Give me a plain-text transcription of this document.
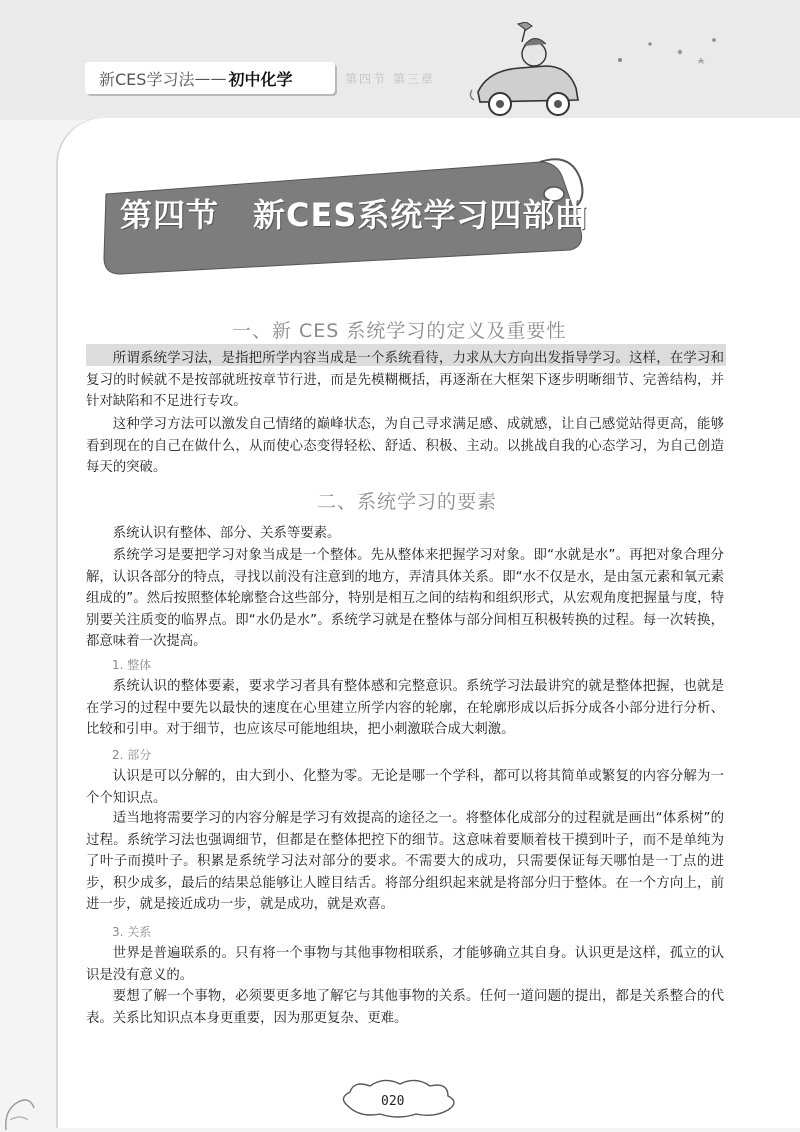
新CES学习法 —— 初中化学	第四节 第三章
第四节 新CES系统学习四部曲
一、新 CES 系统学习的定义及重要性

所谓系统学习法，是指把所学内容当成是一个系统看待，力求从大方向出发指导学习。这样，在学习和复习的时候就不是按部就班按章节行进，而是先模糊概括，再逐渐在大框架下逐步明晰细节、完善结构，并针对缺陷和不足进行专攻。

这种学习方法可以激发自己情绪的巅峰状态，为自己寻求满足感、成就感，让自己感觉站得更高，能够看到现在的自己在做什么，从而使心态变得轻松、舒适、积极、主动。以挑战自我的心态学习，为自己创造每天的突破。

二、系统学习的要素

系统认识有整体、部分、关系等要素。

系统学习是要把学习对象当成是一个整体。先从整体来把握学习对象。即“水就是水”。再把对象合理分解，认识各部分的特点，寻找以前没有注意到的地方，弄清具体关系。即“水不仅是水，是由氢元素和氧元素组成的”。然后按照整体轮廓整合这些部分，特别是相互之间的结构和组织形式，从宏观角度把握量与度，特别要关注质变的临界点。即“水仍是水”。系统学习就是在整体与部分间相互积极转换的过程。每一次转换，都意味着一次提高。

1. 整体

系统认识的整体要素，要求学习者具有整体感和完整意识。系统学习法最讲究的就是整体把握，也就是在学习的过程中要先以最快的速度在心里建立所学内容的轮廓，在轮廓形成以后拆分成各小部分进行分析、比较和引申。对于细节，也应该尽可能地组块，把小刺激联合成大刺激。

2. 部分

认识是可以分解的，由大到小、化整为零。无论是哪一个学科，都可以将其简单或繁复的内容分解为一个个知识点。

适当地将需要学习的内容分解是学习有效提高的途径之一。将整体化成部分的过程就是画出“体系树”的过程。系统学习法也强调细节，但都是在整体把控下的细节。这意味着要顺着枝干摸到叶子，而不是单纯为了叶子而摸叶子。积累是系统学习法对部分的要求。不需要大的成功，只需要保证每天哪怕是一丁点的进步，积少成多，最后的结果总能够让人瞠目结舌。将部分组织起来就是将部分归于整体。在一个方向上，前进一步，就是接近成功一步，就是成功，就是欢喜。

3. 关系

世界是普遍联系的。只有将一个事物与其他事物相联系，才能够确立其自身。认识更是这样，孤立的认识是没有意义的。

要想了解一个事物，必须要更多地了解它与其他事物的关系。任何一道问题的提出，都是关系整合的代表。关系比知识点本身更重要，因为那更复杂、更难。

020
